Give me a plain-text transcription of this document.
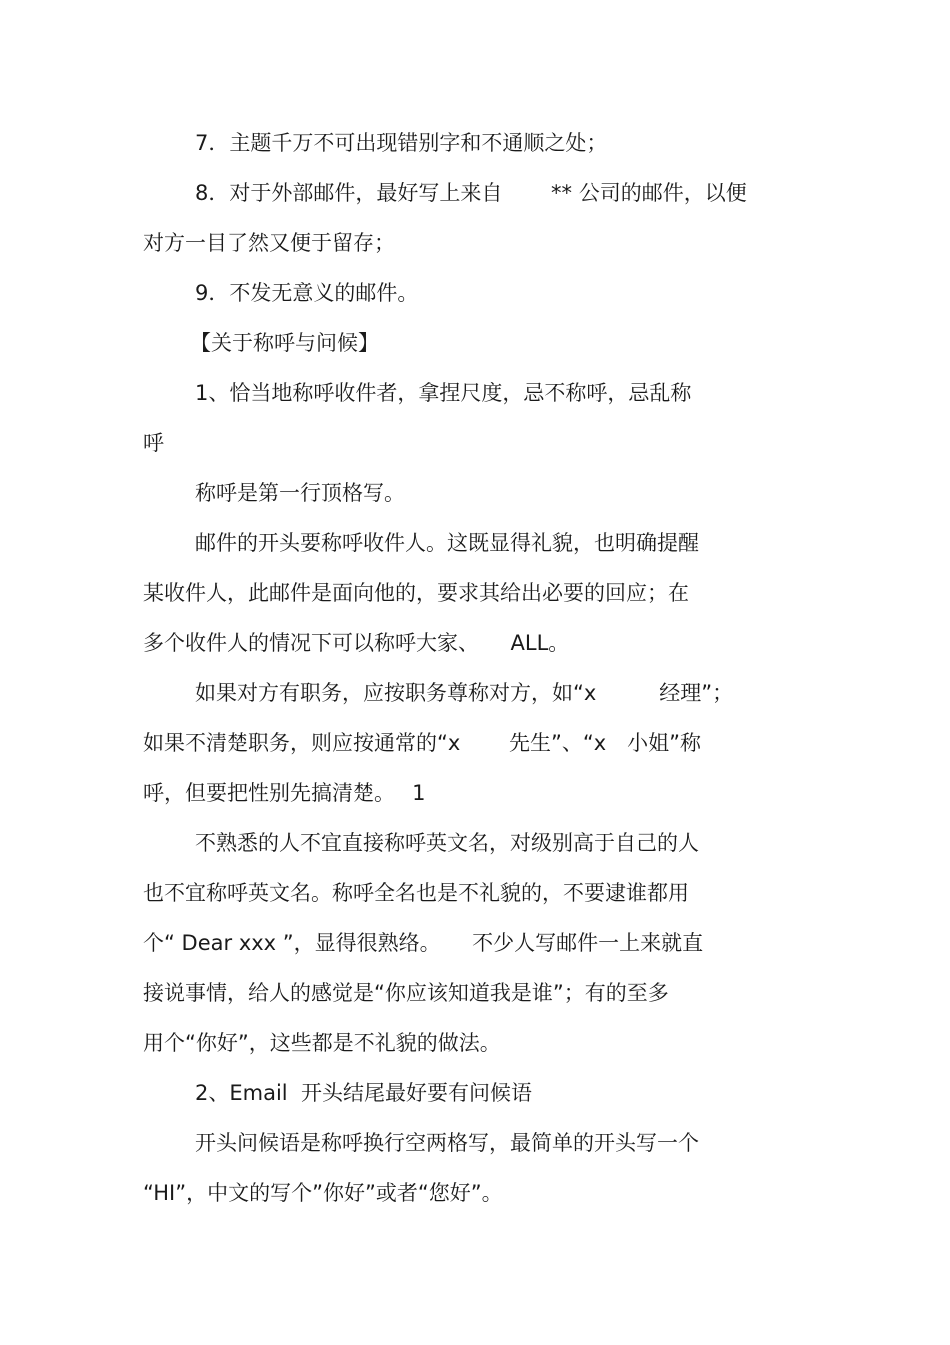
7．主题千万不可出现错别字和不通顺之处；

8．对于外部邮件，最好写上来自　　 ** 公司的邮件，以便

对方一目了然又便于留存；

9．不发无意义的邮件。

【关于称呼与问候】

1、恰当地称呼收件者，拿捏尺度，忌不称呼，忌乱称

呼

称呼是第一行顶格写。

邮件的开头要称呼收件人。这既显得礼貌，也明确提醒

某收件人，此邮件是面向他的，要求其给出必要的回应；在

多个收件人的情况下可以称呼大家、　　ALL。

如果对方有职务，应按职务尊称对方，如“x　　　经理”；

如果不清楚职务，则应按通常的“x　　 先生”、“x　小姐”称

呼，但要把性别先搞清楚。　 1

不熟悉的人不宜直接称呼英文名，对级别高于自己的人

也不宜称呼英文名。称呼全名也是不礼貌的，不要逮谁都用

个“ Dear xxx ”，显得很熟络。　　不少人写邮件一上来就直

接说事情，给人的感觉是“你应该知道我是谁”；有的至多

用个“你好”，这些都是不礼貌的做法。

2、Email  开头结尾最好要有问候语

开头问候语是称呼换行空两格写，最简单的开头写一个

“HI”，中文的写个”你好”或者“您好”。
